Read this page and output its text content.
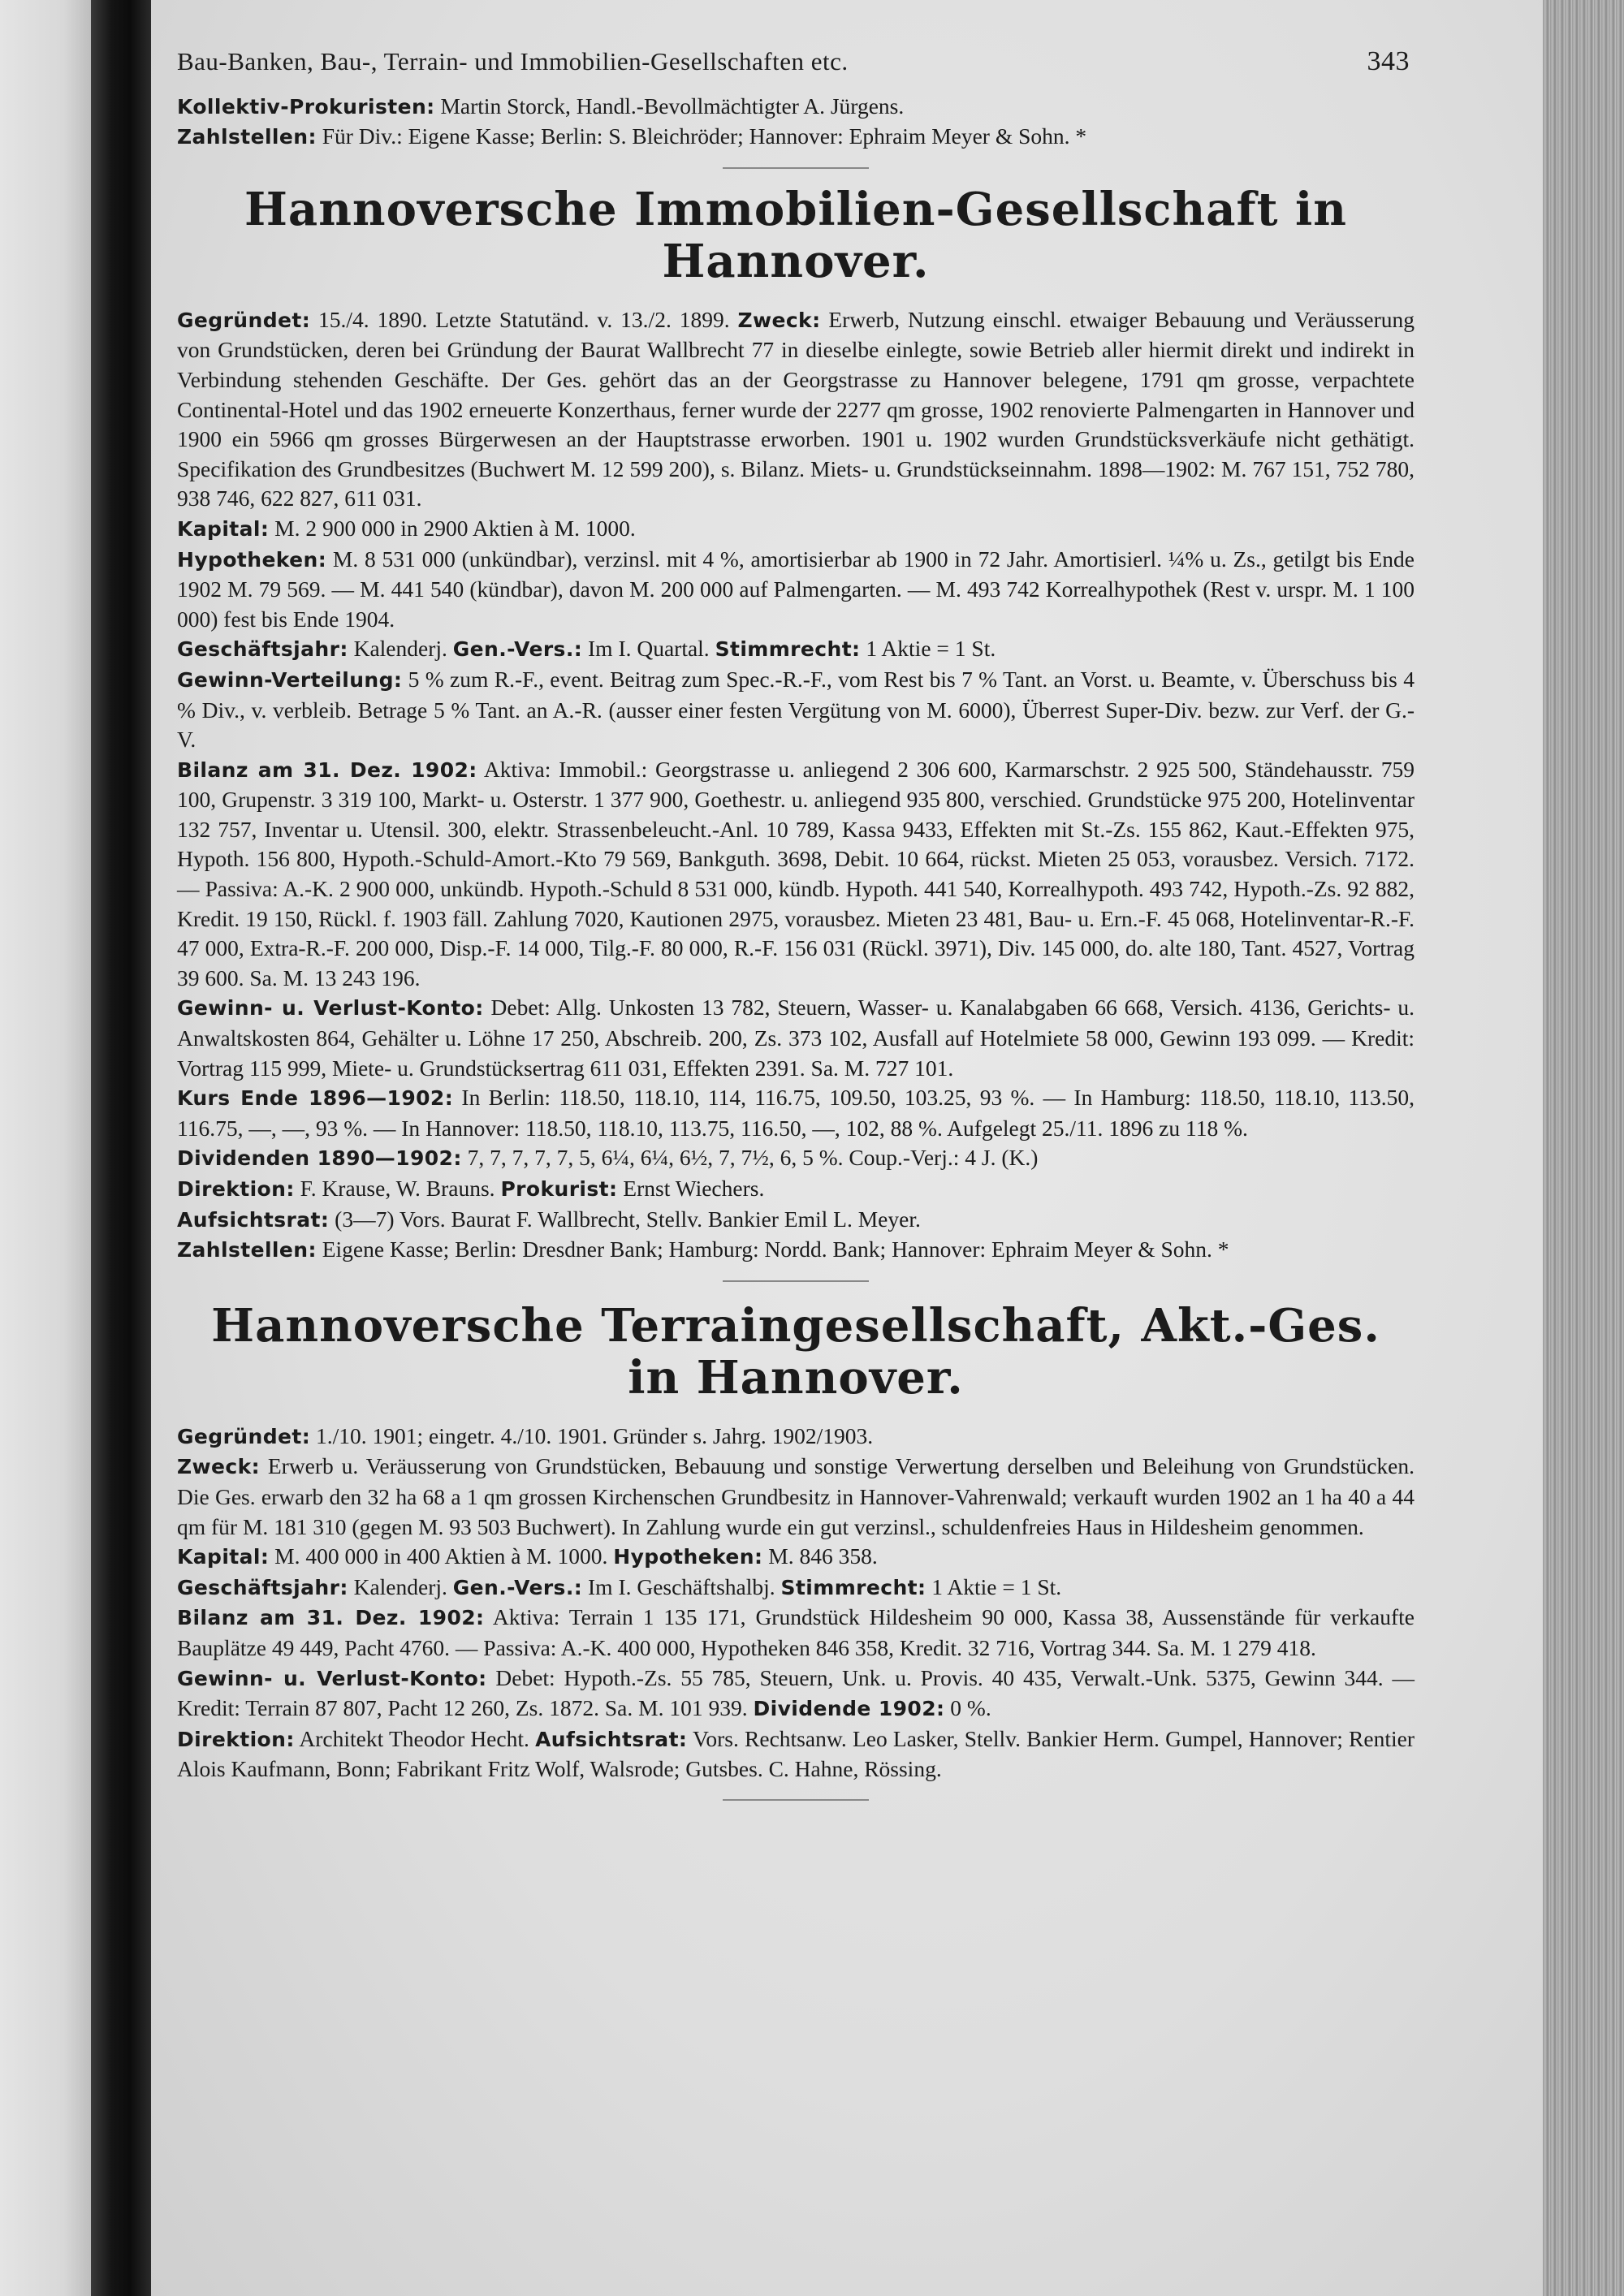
Bau-Banken, Bau-, Terrain- und Immobilien-Gesellschaften etc.	343

Kollektiv-Prokuristen: Martin Storck, Handl.-Bevollmächtigter A. Jürgens.

Zahlstellen: Für Div.: Eigene Kasse; Berlin: S. Bleichröder; Hannover: Ephraim Meyer & Sohn. *

Hannoversche Immobilien-Gesellschaft in Hannover.

Gegründet: 15./4. 1890. Letzte Statutänd. v. 13./2. 1899. Zweck: Erwerb, Nutzung einschl. etwaiger Bebauung und Veräusserung von Grundstücken, deren bei Gründung der Baurat Wallbrecht 77 in dieselbe einlegte, sowie Betrieb aller hiermit direkt und indirekt in Verbindung stehenden Geschäfte. Der Ges. gehört das an der Georgstrasse zu Hannover belegene, 1791 qm grosse, verpachtete Continental-Hotel und das 1902 erneuerte Konzerthaus, ferner wurde der 2277 qm grosse, 1902 renovierte Palmengarten in Hannover und 1900 ein 5966 qm grosses Bürgerwesen an der Hauptstrasse erworben. 1901 u. 1902 wurden Grundstücksverkäufe nicht gethätigt. Specifikation des Grundbesitzes (Buchwert M. 12 599 200), s. Bilanz. Miets- u. Grundstückseinnahm. 1898—1902: M. 767 151, 752 780, 938 746, 622 827, 611 031.

Kapital: M. 2 900 000 in 2900 Aktien à M. 1000.

Hypotheken: M. 8 531 000 (unkündbar), verzinsl. mit 4 %, amortisierbar ab 1900 in 72 Jahr. Amortisierl. ¼% u. Zs., getilgt bis Ende 1902 M. 79 569. — M. 441 540 (kündbar), davon M. 200 000 auf Palmengarten. — M. 493 742 Korrealhypothek (Rest v. urspr. M. 1 100 000) fest bis Ende 1904.

Geschäftsjahr: Kalenderj. Gen.-Vers.: Im I. Quartal. Stimmrecht: 1 Aktie = 1 St.

Gewinn-Verteilung: 5 % zum R.-F., event. Beitrag zum Spec.-R.-F., vom Rest bis 7 % Tant. an Vorst. u. Beamte, v. Überschuss bis 4 % Div., v. verbleib. Betrage 5 % Tant. an A.-R. (ausser einer festen Vergütung von M. 6000), Überrest Super-Div. bezw. zur Verf. der G.-V.

Bilanz am 31. Dez. 1902: Aktiva: Immobil.: Georgstrasse u. anliegend 2 306 600, Karmarschstr. 2 925 500, Ständehausstr. 759 100, Grupenstr. 3 319 100, Markt- u. Osterstr. 1 377 900, Goethestr. u. anliegend 935 800, verschied. Grundstücke 975 200, Hotelinventar 132 757, Inventar u. Utensil. 300, elektr. Strassenbeleucht.-Anl. 10 789, Kassa 9433, Effekten mit St.-Zs. 155 862, Kaut.-Effekten 975, Hypoth. 156 800, Hypoth.-Schuld-Amort.-Kto 79 569, Bankguth. 3698, Debit. 10 664, rückst. Mieten 25 053, vorausbez. Versich. 7172. — Passiva: A.-K. 2 900 000, unkündb. Hypoth.-Schuld 8 531 000, kündb. Hypoth. 441 540, Korrealhypoth. 493 742, Hypoth.-Zs. 92 882, Kredit. 19 150, Rückl. f. 1903 fäll. Zahlung 7020, Kautionen 2975, vorausbez. Mieten 23 481, Bau- u. Ern.-F. 45 068, Hotelinventar-R.-F. 47 000, Extra-R.-F. 200 000, Disp.-F. 14 000, Tilg.-F. 80 000, R.-F. 156 031 (Rückl. 3971), Div. 145 000, do. alte 180, Tant. 4527, Vortrag 39 600. Sa. M. 13 243 196.

Gewinn- u. Verlust-Konto: Debet: Allg. Unkosten 13 782, Steuern, Wasser- u. Kanalabgaben 66 668, Versich. 4136, Gerichts- u. Anwaltskosten 864, Gehälter u. Löhne 17 250, Abschreib. 200, Zs. 373 102, Ausfall auf Hotelmiete 58 000, Gewinn 193 099. — Kredit: Vortrag 115 999, Miete- u. Grundstücksertrag 611 031, Effekten 2391. Sa. M. 727 101.

Kurs Ende 1896—1902: In Berlin: 118.50, 118.10, 114, 116.75, 109.50, 103.25, 93 %. — In Hamburg: 118.50, 118.10, 113.50, 116.75, —, —, 93 %. — In Hannover: 118.50, 118.10, 113.75, 116.50, —, 102, 88 %. Aufgelegt 25./11. 1896 zu 118 %.

Dividenden 1890—1902: 7, 7, 7, 7, 7, 5, 6¼, 6¼, 6½, 7, 7½, 6, 5 %. Coup.-Verj.: 4 J. (K.)

Direktion: F. Krause, W. Brauns. Prokurist: Ernst Wiechers.

Aufsichtsrat: (3—7) Vors. Baurat F. Wallbrecht, Stellv. Bankier Emil L. Meyer.

Zahlstellen: Eigene Kasse; Berlin: Dresdner Bank; Hamburg: Nordd. Bank; Hannover: Ephraim Meyer & Sohn. *

Hannoversche Terraingesellschaft, Akt.-Ges. in Hannover.

Gegründet: 1./10. 1901; eingetr. 4./10. 1901. Gründer s. Jahrg. 1902/1903.

Zweck: Erwerb u. Veräusserung von Grundstücken, Bebauung und sonstige Verwertung derselben und Beleihung von Grundstücken. Die Ges. erwarb den 32 ha 68 a 1 qm grossen Kirchenschen Grundbesitz in Hannover-Vahrenwald; verkauft wurden 1902 an 1 ha 40 a 44 qm für M. 181 310 (gegen M. 93 503 Buchwert). In Zahlung wurde ein gut verzinsl., schuldenfreies Haus in Hildesheim genommen.

Kapital: M. 400 000 in 400 Aktien à M. 1000. Hypotheken: M. 846 358.

Geschäftsjahr: Kalenderj. Gen.-Vers.: Im I. Geschäftshalbj. Stimmrecht: 1 Aktie = 1 St.

Bilanz am 31. Dez. 1902: Aktiva: Terrain 1 135 171, Grundstück Hildesheim 90 000, Kassa 38, Aussenstände für verkaufte Bauplätze 49 449, Pacht 4760. — Passiva: A.-K. 400 000, Hypotheken 846 358, Kredit. 32 716, Vortrag 344. Sa. M. 1 279 418.

Gewinn- u. Verlust-Konto: Debet: Hypoth.-Zs. 55 785, Steuern, Unk. u. Provis. 40 435, Verwalt.-Unk. 5375, Gewinn 344. — Kredit: Terrain 87 807, Pacht 12 260, Zs. 1872. Sa. M. 101 939. Dividende 1902: 0 %.

Direktion: Architekt Theodor Hecht. Aufsichtsrat: Vors. Rechtsanw. Leo Lasker, Stellv. Bankier Herm. Gumpel, Hannover; Rentier Alois Kaufmann, Bonn; Fabrikant Fritz Wolf, Walsrode; Gutsbes. C. Hahne, Rössing.
